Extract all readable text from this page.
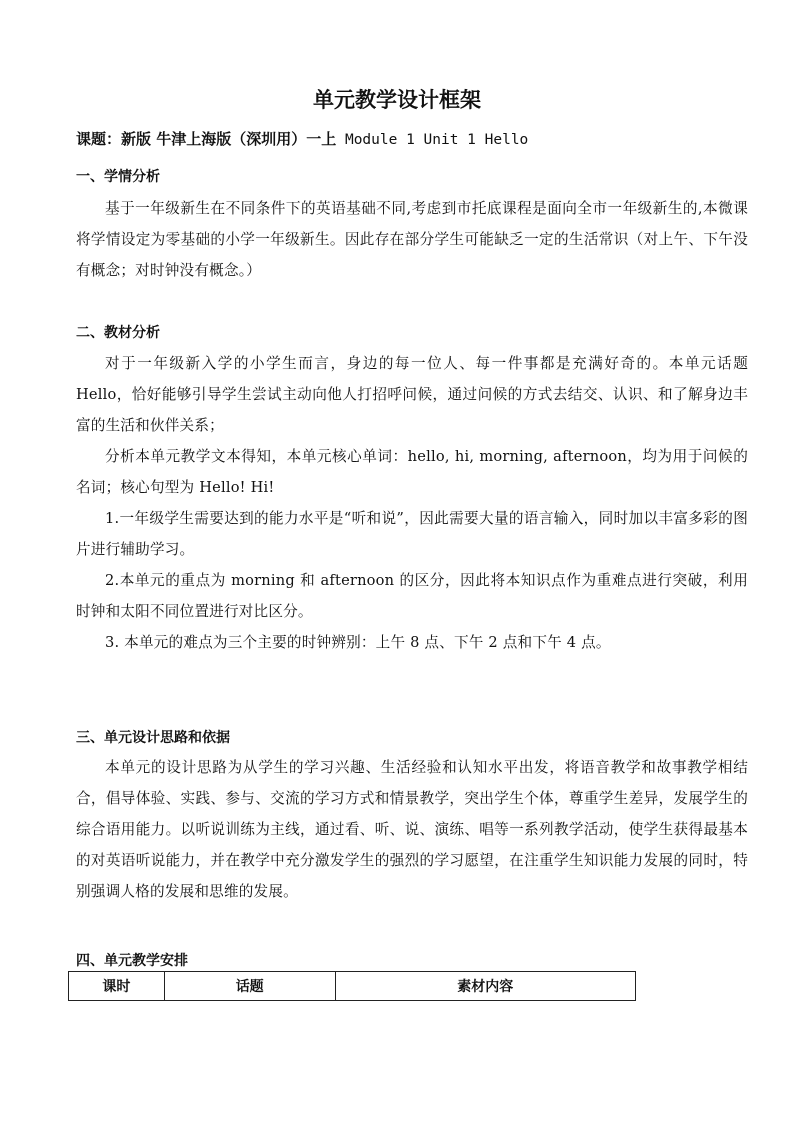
单元教学设计框架
课题：新版 牛津上海版（深圳用）一上 Module 1 Unit 1 Hello
一、学情分析
基于一年级新生在不同条件下的英语基础不同,考虑到市托底课程是面向全市一年级新生的,本微课将学情设定为零基础的小学一年级新生。因此存在部分学生可能缺乏一定的生活常识（对上午、下午没有概念；对时钟没有概念。）
二、教材分析
对于一年级新入学的小学生而言，身边的每一位人、每一件事都是充满好奇的。本单元话题Hello，恰好能够引导学生尝试主动向他人打招呼问候，通过问候的方式去结交、认识、和了解身边丰富的生活和伙伴关系；
分析本单元教学文本得知，本单元核心单词：hello, hi, morning, afternoon，均为用于问候的名词；核心句型为 Hello! Hi!
1.一年级学生需要达到的能力水平是“听和说”，因此需要大量的语言输入，同时加以丰富多彩的图片进行辅助学习。
2.本单元的重点为 morning 和 afternoon 的区分，因此将本知识点作为重难点进行突破，利用时钟和太阳不同位置进行对比区分。
3. 本单元的难点为三个主要的时钟辨别：上午 8 点、下午 2 点和下午 4 点。
三、单元设计思路和依据
本单元的设计思路为从学生的学习兴趣、生活经验和认知水平出发，将语音教学和故事教学相结合，倡导体验、实践、参与、交流的学习方式和情景教学，突出学生个体，尊重学生差异，发展学生的综合语用能力。以听说训练为主线，通过看、听、说、演练、唱等一系列教学活动，使学生获得最基本的对英语听说能力，并在教学中充分激发学生的强烈的学习愿望，在注重学生知识能力发展的同时，特别强调人格的发展和思维的发展。
四、单元教学安排
课时	话题	素材内容
